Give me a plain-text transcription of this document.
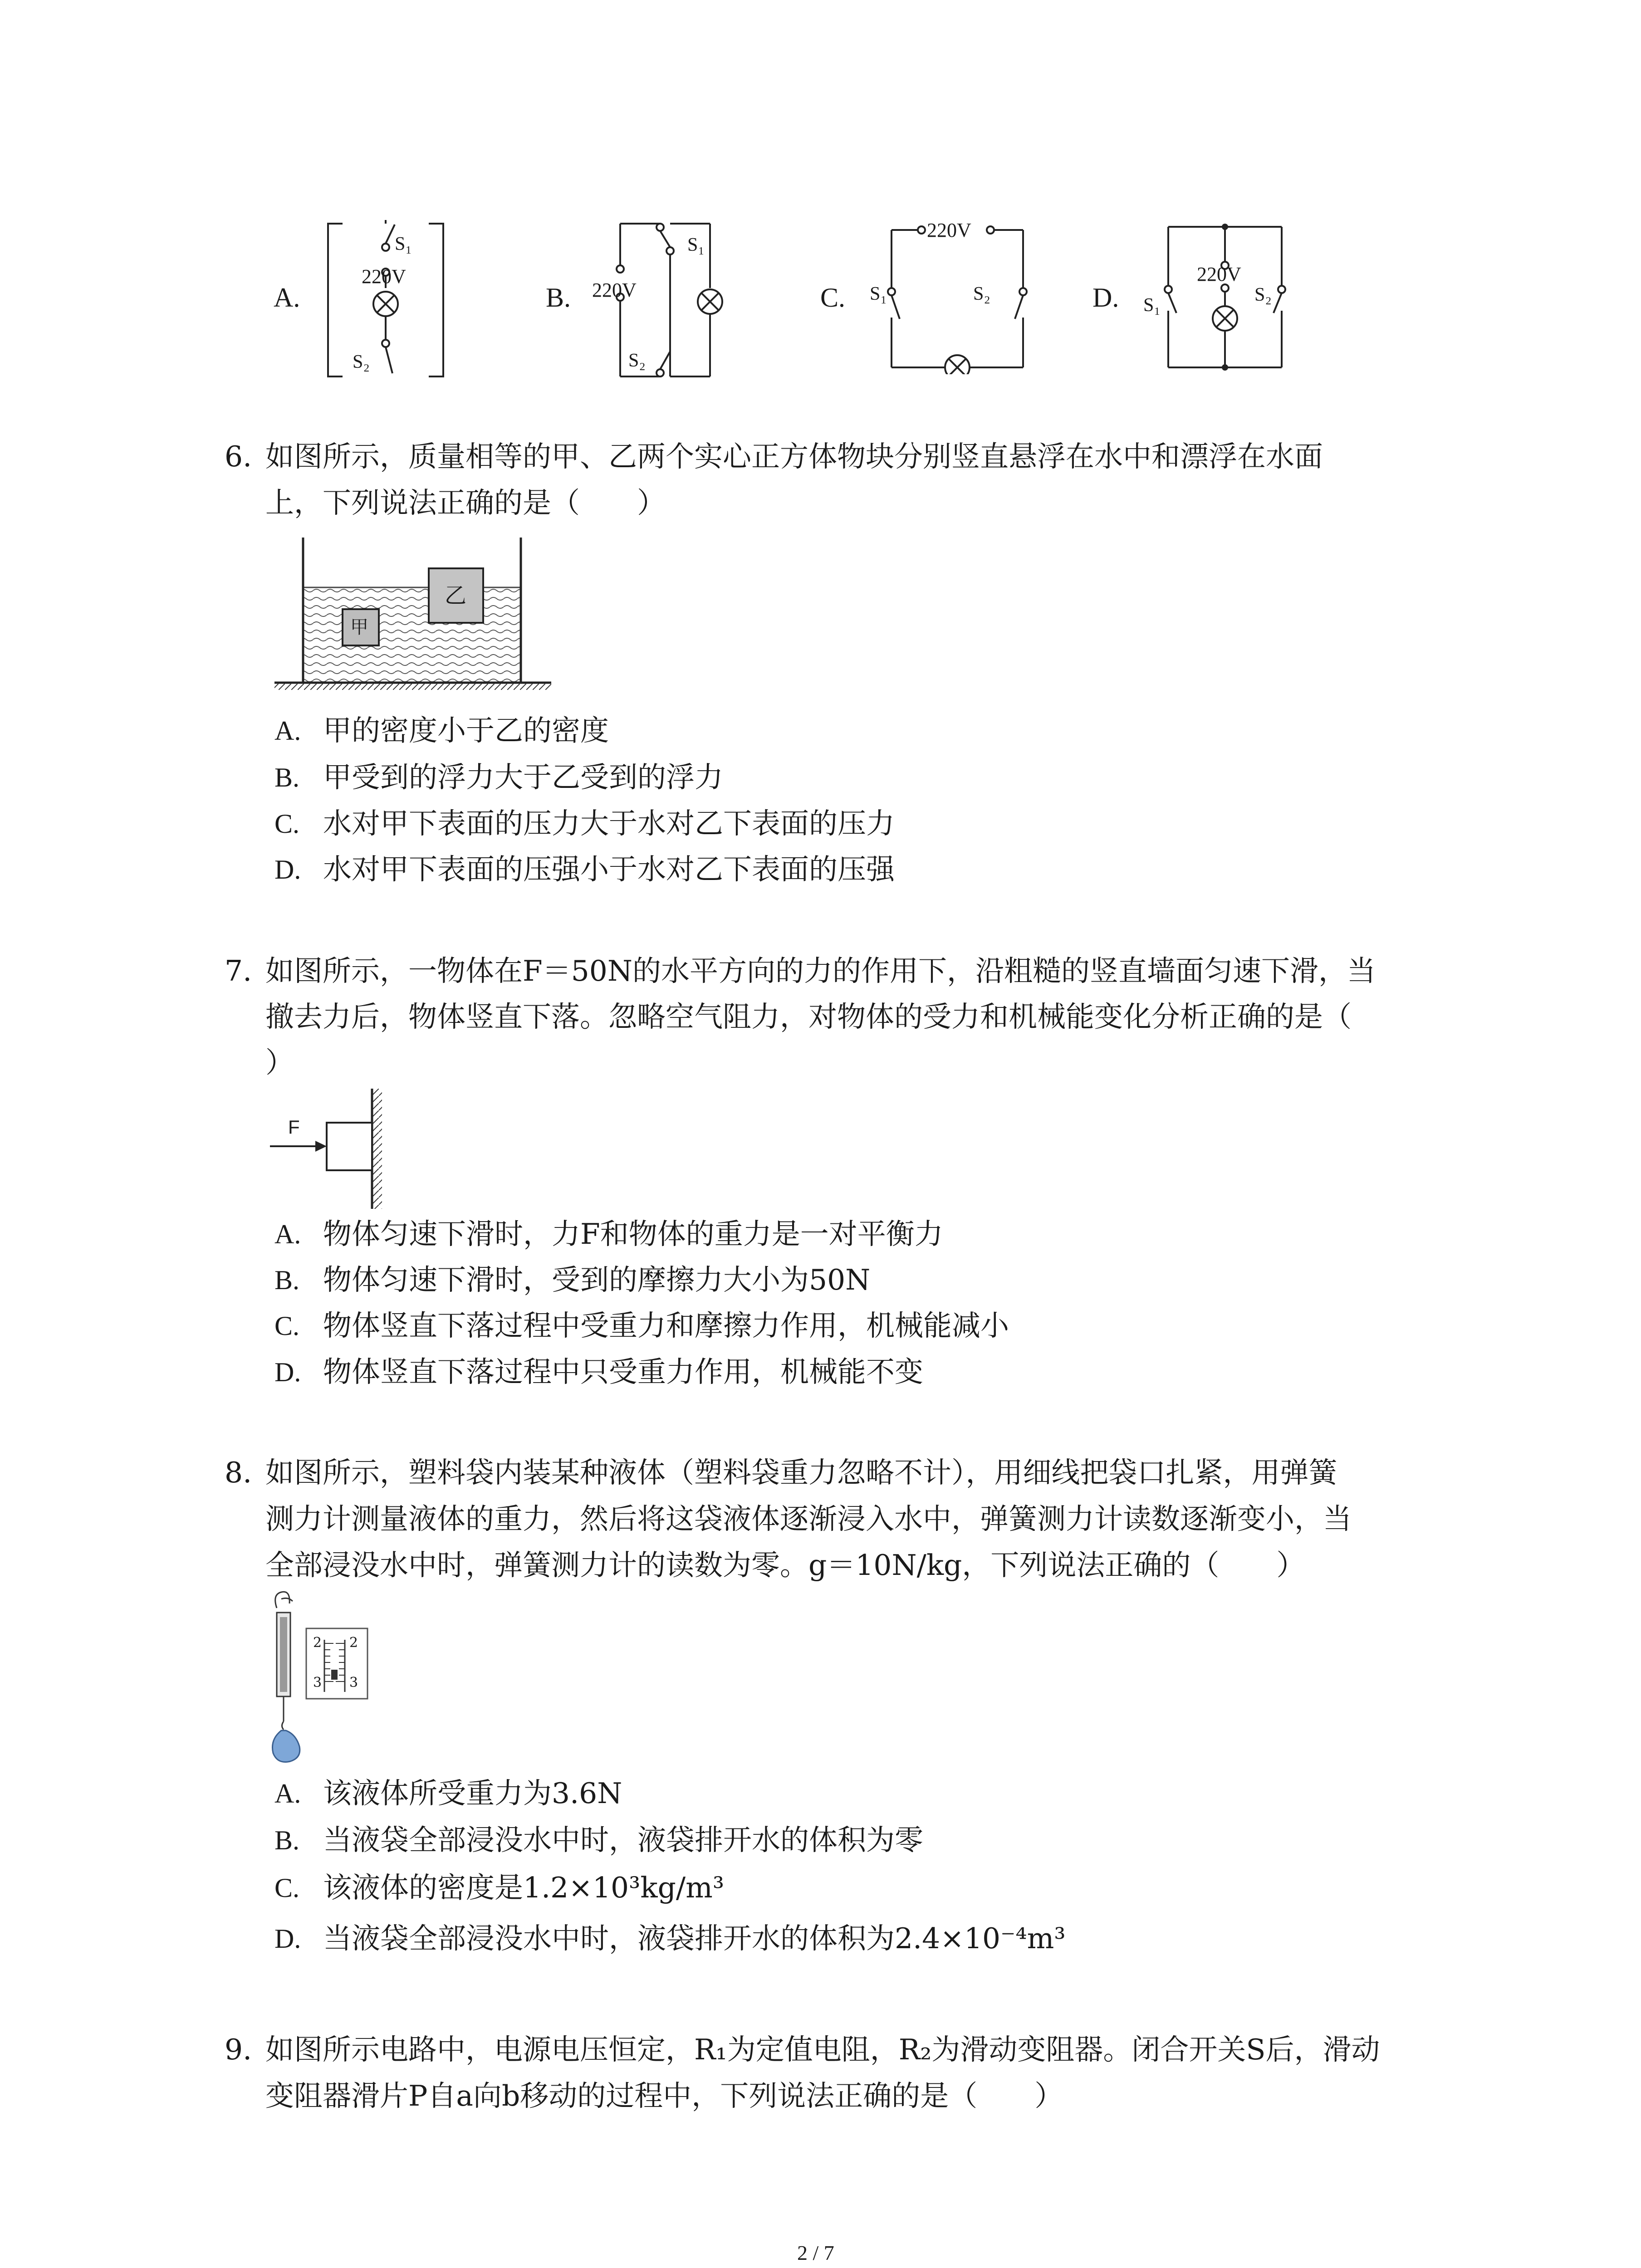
A.
S₁
220V
S₂
B.
S₁
220V
S₂
C.
220V
S₁	S₂	D.
220V
S₁	S₂
6. 如图所示，质量相等的甲、乙两个实心正方体物块分别竖直悬浮在水中和漂浮在水面
上，下列说法正确的是（　　）
甲
乙
A. 甲的密度小于乙的密度
B. 甲受到的浮力大于乙受到的浮力
C. 水对甲下表面的压力大于水对乙下表面的压力
D. 水对甲下表面的压强小于水对乙下表面的压强
7. 如图所示，一物体在F＝50N的水平方向的力的作用下，沿粗糙的竖直墙面匀速下滑，当
撤去力后，物体竖直下落。忽略空气阻力，对物体的受力和机械能变化分析正确的是（
）
F
A. 物体匀速下滑时，力F和物体的重力是一对平衡力
B. 物体匀速下滑时，受到的摩擦力大小为50N
C. 物体竖直下落过程中受重力和摩擦力作用，机械能减小
D. 物体竖直下落过程中只受重力作用，机械能不变
8. 如图所示，塑料袋内装某种液体（塑料袋重力忽略不计），用细线把袋口扎紧，用弹簧
测力计测量液体的重力，然后将这袋液体逐渐浸入水中，弹簧测力计读数逐渐变小，当
全部浸没水中时，弹簧测力计的读数为零。g＝10N/kg，下列说法正确的（　　）
2
3
2
3
A. 该液体所受重力为3.6N
B. 当液袋全部浸没水中时，液袋排开水的体积为零
C. 该液体的密度是1.2×10³kg/m³
D. 当液袋全部浸没水中时，液袋排开水的体积为2.4×10⁻⁴m³
9. 如图所示电路中，电源电压恒定，R₁为定值电阻，R₂为滑动变阻器。闭合开关S后，滑动
变阻器滑片P自a向b移动的过程中，下列说法正确的是（　　）
2 / 7
